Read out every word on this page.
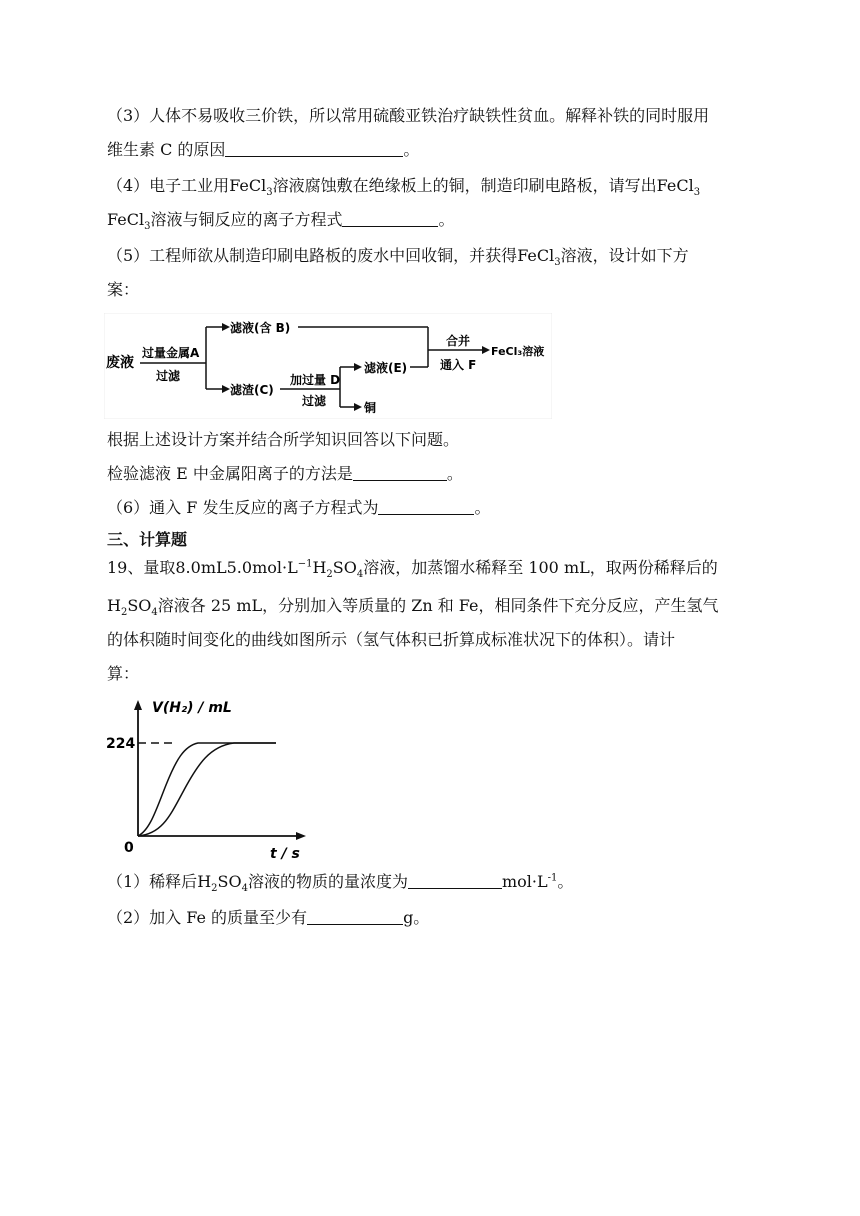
（3）人体不易吸收三价铁，所以常用硫酸亚铁治疗缺铁性贫血。解释补铁的同时服用
维生素 C 的原因	。
（4）电子工业用FeCl$_3$溶液腐蚀敷在绝缘板上的铜，制造印刷电路板，请写出FeCl$_3$
FeCl$_3$溶液与铜反应的离子方程式	。
（5）工程师欲从制造印刷电路板的废水中回收铜，并获得FeCl$_3$溶液，设计如下方
案：
废液
过量金属A
过滤
滤液(含 B)
滤渣(C)
加过量 D
过滤
滤液(E)
铜
合并
通入 F
FeCl₃溶液
根据上述设计方案并结合所学知识回答以下问题。
检验滤液 E 中金属阳离子的方法是	。
（6）通入 F 发生反应的离子方程式为	。
三、计算题
19、量取$8.0mL5.0mol\cdot L^{-1}H_2SO_4$溶液，加蒸馏水稀释至 100 mL，取两份稀释后的
$H_2SO_4$溶液各 25 mL，分别加入等质量的 Zn 和 Fe，相同条件下充分反应，产生氢气
的体积随时间变化的曲线如图所示（氢气体积已折算成标准状况下的体积）。请计
算：
V(H₂) / mL
224
0	t / s
（1）稀释后$H_2SO_4$溶液的物质的量浓度为	$mol\cdot L^{-1}$。
（2）加入 Fe 的质量至少有	g。
